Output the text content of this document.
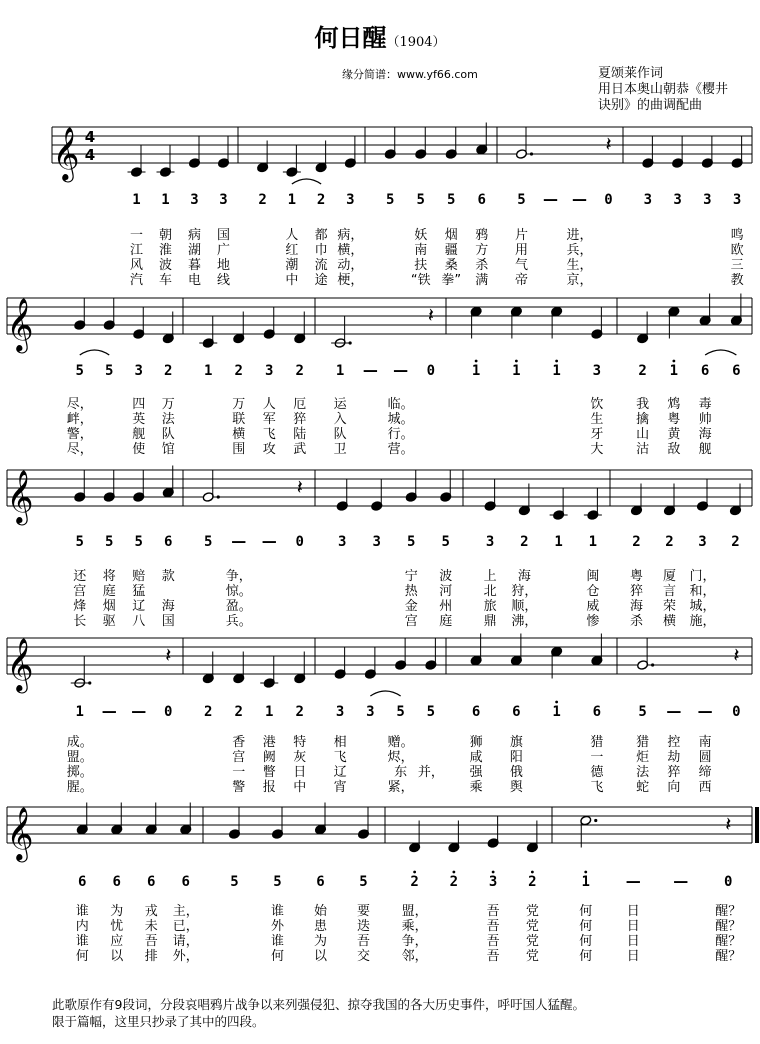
何日醒（1904）
缘分简谱：www.yf66.com	夏颂莱作词
用日本奥山朝恭《樱井
诀别》的曲调配曲
𝄞 4
4	𝄽
1 1 3 3 2 1 2 3 5 5 5 6 5 — — 0 3 3 3 3
一 朝 病 国	人 都 病，	妖 烟 鸦 片	进，	鸣
江 淮 湖 广	红 巾 横，	南 疆 方 用	兵，	欧
风 波 暮 地	潮 流 动，	扶 桑 杀 气	生，	三
汽 车 电 线	中 途 梗，	“铁 拳” 满 帝	京，	教
𝄞	𝄽
5 5 3 2 1 2 3 2 1 — — 0	1 1 1 3	2 1 6 6
尽，	四 万	万 人 厄 运	临。	饮	我 鸩 毒
衅，	英 法	联 军 猝 入	城。	生	擒 粤 帅
警，	舰 队	横 飞 陆 队	行。	牙	山 黄 海
尽，	使 馆	围 攻 武 卫	营。	大	沽 敌 舰
𝄞	𝄽
5 5 5 6 5 — — 0 3 3 5 5	3 2 1 1	2 2 3 2
还 将 赔 款	争，	宁 波 上 海	闽 粤 厦 门，
宫 庭 猛	惊。	热 河 北 狩，	仓 猝 言 和，
烽 烟 辽 海	盈。	金 州 旅 顺，	威 海 荣 城，
长 驱 八 国	兵。	宫 庭 鼎 沸，	惨 杀 横 施，
𝄞	𝄽	𝄽
1 — — 0 2 2 1 2 3 3 5 5	6 6 1 6	5 — — 0
成。	香 港 特 相	赠。	狮 旗	猎	猎 控 南
盟。	宫 阙 灰 飞	烬，	咸 阳	一	炬 劫 圆
掷。	一 瞥 日 辽	东 并， 强 俄	德	法 猝 缔
腥。	警 报 中 宵	紧，	乘 舆	飞	蛇 向 西
𝄞	𝄽
6 6 6 6	5 5 6 5	2 2 3 2	1 — —	0
谁 为 戎 主，	谁 始 要 盟，	吾 党	何	日	醒？
内 忧 未 已，	外 患 迭 乘，	吾 党	何	日	醒？
谁 应 吾 请，	谁 为 吾 争，	吾 党	何	日	醒？
何 以 排 外，	何 以 交 邻，	吾 党	何	日	醒？
此歌原作有9段词，分段哀唱鸦片战争以来列强侵犯、掠夺我国的各大历史事件，呼吁国人猛醒。
限于篇幅，这里只抄录了其中的四段。
